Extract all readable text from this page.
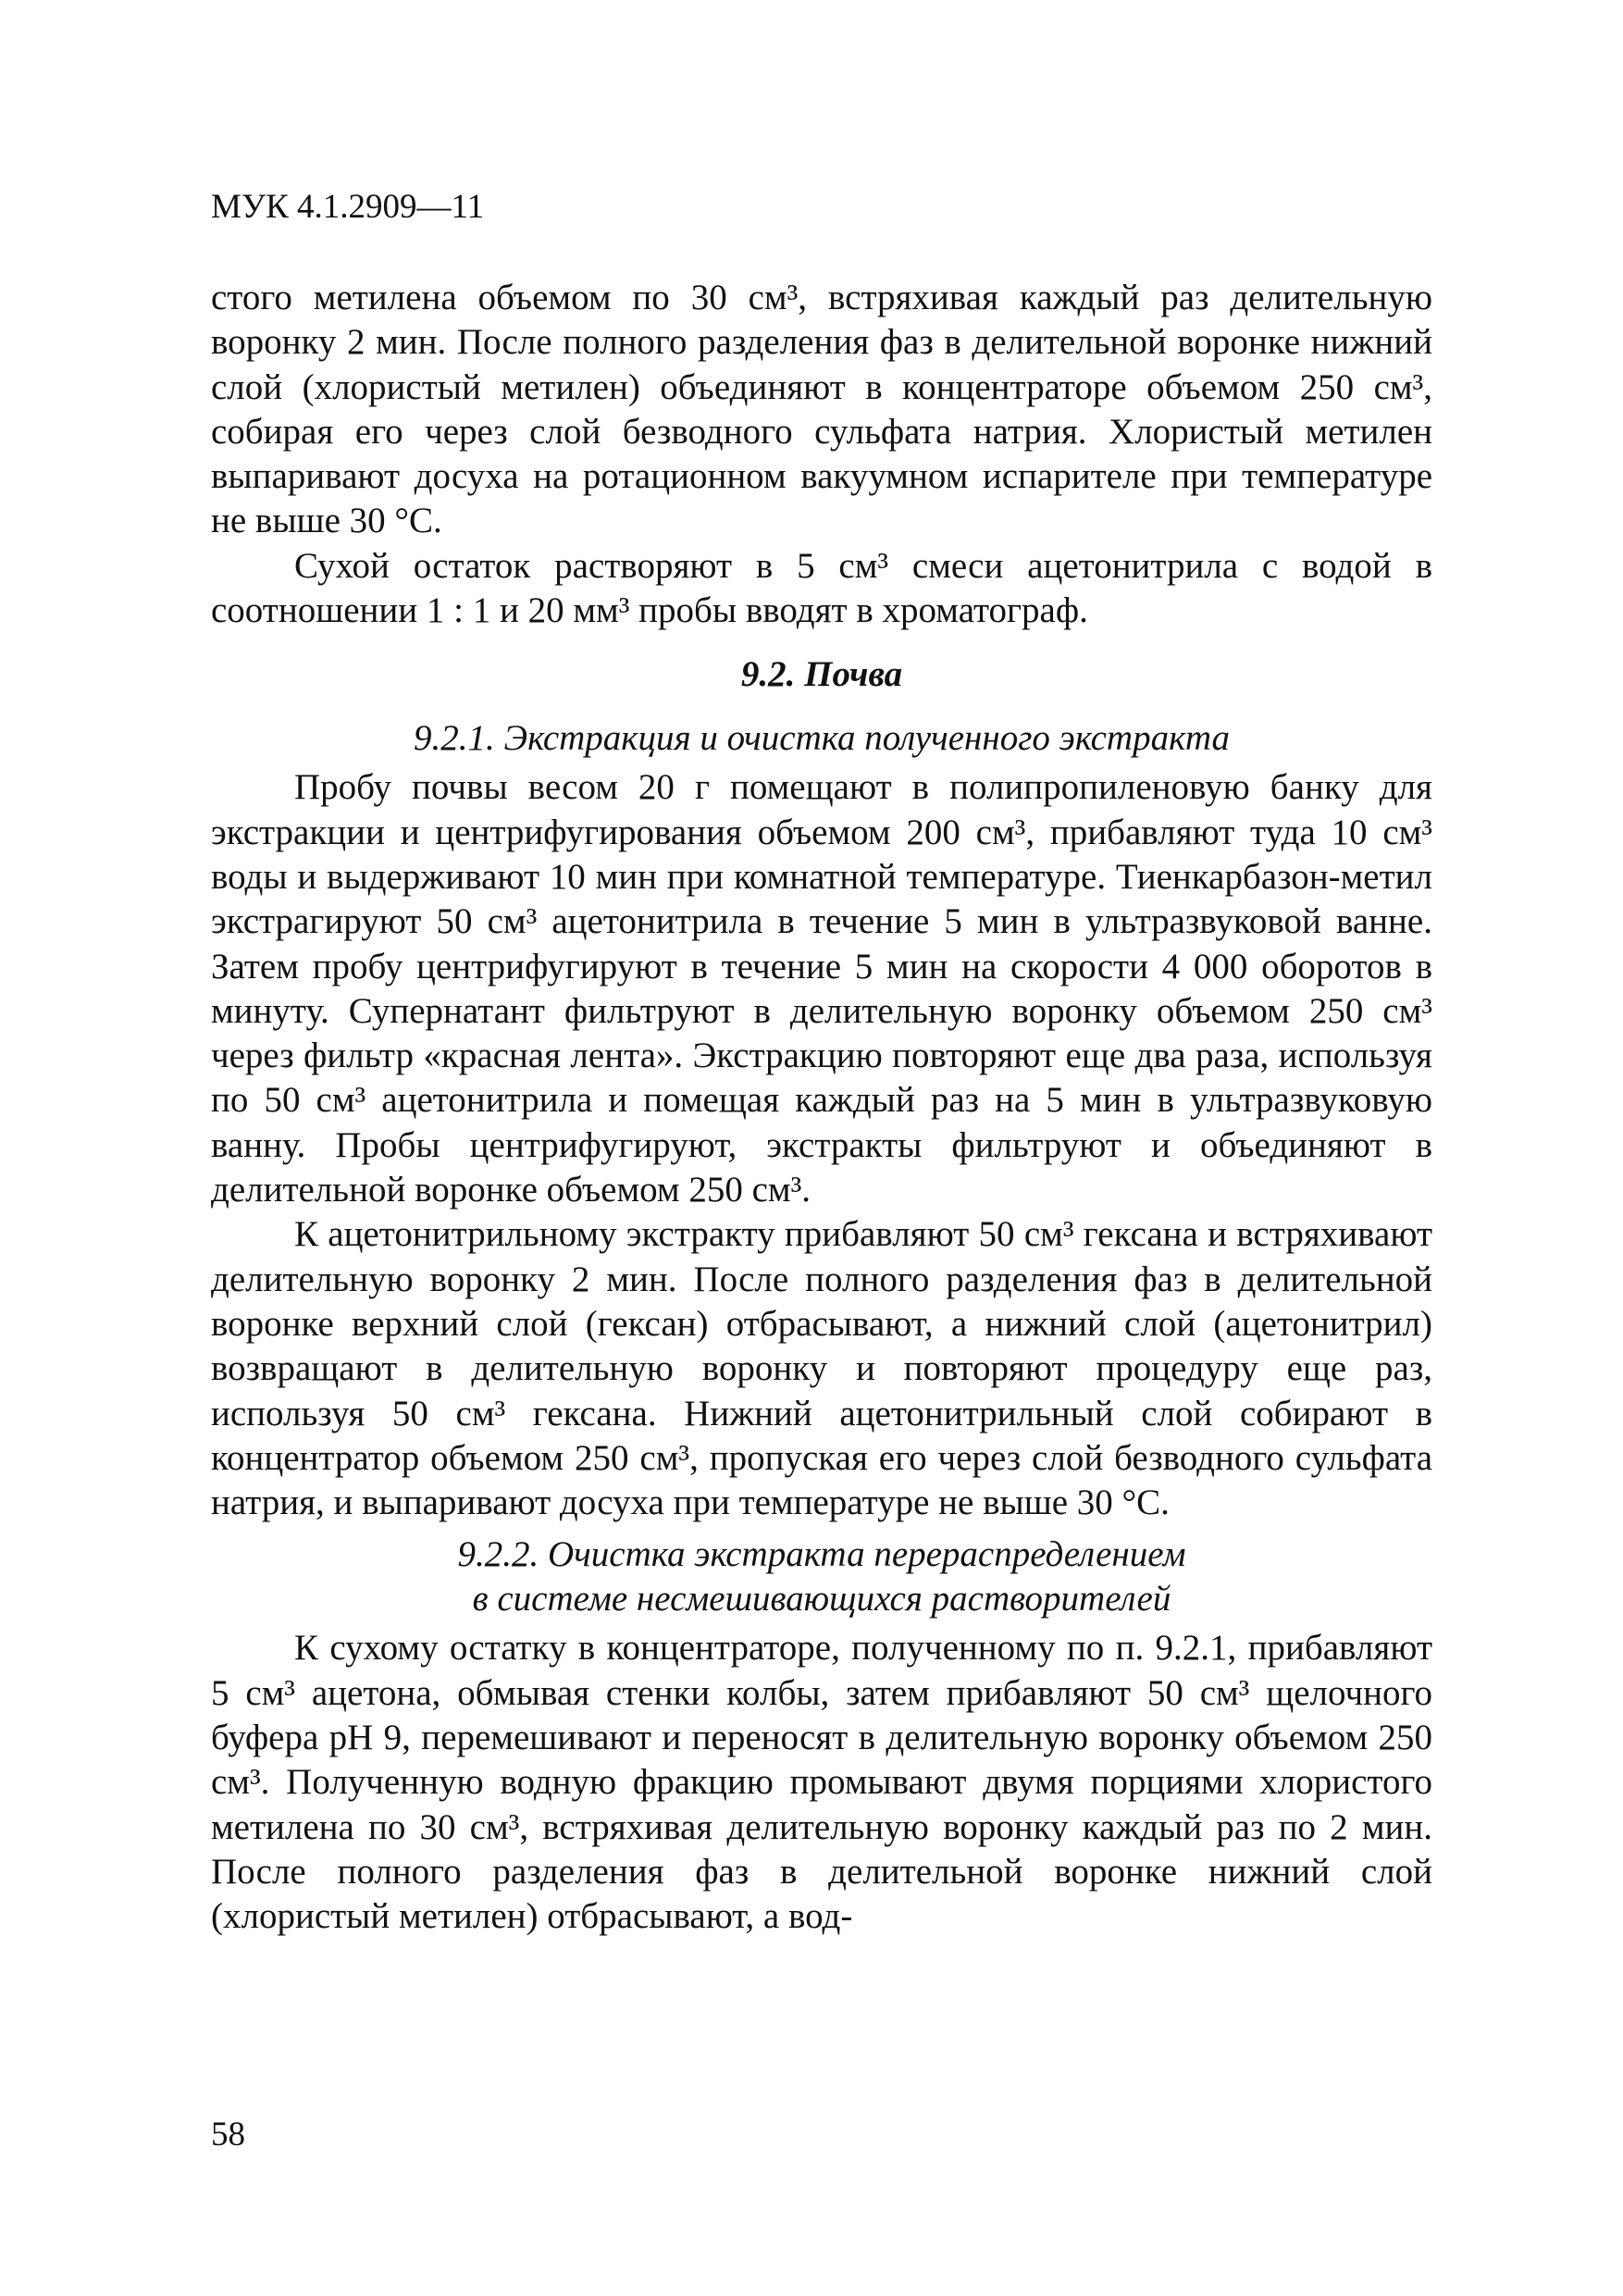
МУК 4.1.2909—11

стого метилена объемом по 30 см³, встряхивая каждый раз делительную воронку 2 мин. После полного разделения фаз в делительной воронке нижний слой (хлористый метилен) объединяют в концентраторе объемом 250 см³, собирая его через слой безводного сульфата натрия. Хлористый метилен выпаривают досуха на ротационном вакуумном испарителе при температуре не выше 30 °С.

Сухой остаток растворяют в 5 см³ смеси ацетонитрила с водой в соотношении 1 : 1 и 20 мм³ пробы вводят в хроматограф.

9.2. Почва
9.2.1. Экстракция и очистка полученного экстракта

Пробу почвы весом 20 г помещают в полипропиленовую банку для экстракции и центрифугирования объемом 200 см³, прибавляют туда 10 см³ воды и выдерживают 10 мин при комнатной температуре. Тиенкарбазон-метил экстрагируют 50 см³ ацетонитрила в течение 5 мин в ультразвуковой ванне. Затем пробу центрифугируют в течение 5 мин на скорости 4 000 оборотов в минуту. Супернатант фильтруют в делительную воронку объемом 250 см³ через фильтр «красная лента». Экстракцию повторяют еще два раза, используя по 50 см³ ацетонитрила и помещая каждый раз на 5 мин в ультразвуковую ванну. Пробы центрифугируют, экстракты фильтруют и объединяют в делительной воронке объемом 250 см³.

К ацетонитрильному экстракту прибавляют 50 см³ гексана и встряхивают делительную воронку 2 мин. После полного разделения фаз в делительной воронке верхний слой (гексан) отбрасывают, а нижний слой (ацетонитрил) возвращают в делительную воронку и повторяют процедуру еще раз, используя 50 см³ гексана. Нижний ацетонитрильный слой собирают в концентратор объемом 250 см³, пропуская его через слой безводного сульфата натрия, и выпаривают досуха при температуре не выше 30 °С.

9.2.2. Очистка экстракта перераспределением
в системе несмешивающихся растворителей

К сухому остатку в концентраторе, полученному по п. 9.2.1, прибавляют 5 см³ ацетона, обмывая стенки колбы, затем прибавляют 50 см³ щелочного буфера pH 9, перемешивают и переносят в делительную воронку объемом 250 см³. Полученную водную фракцию промывают двумя порциями хлористого метилена по 30 см³, встряхивая делительную воронку каждый раз по 2 мин. После полного разделения фаз в делительной воронке нижний слой (хлористый метилен) отбрасывают, а вод-

58
